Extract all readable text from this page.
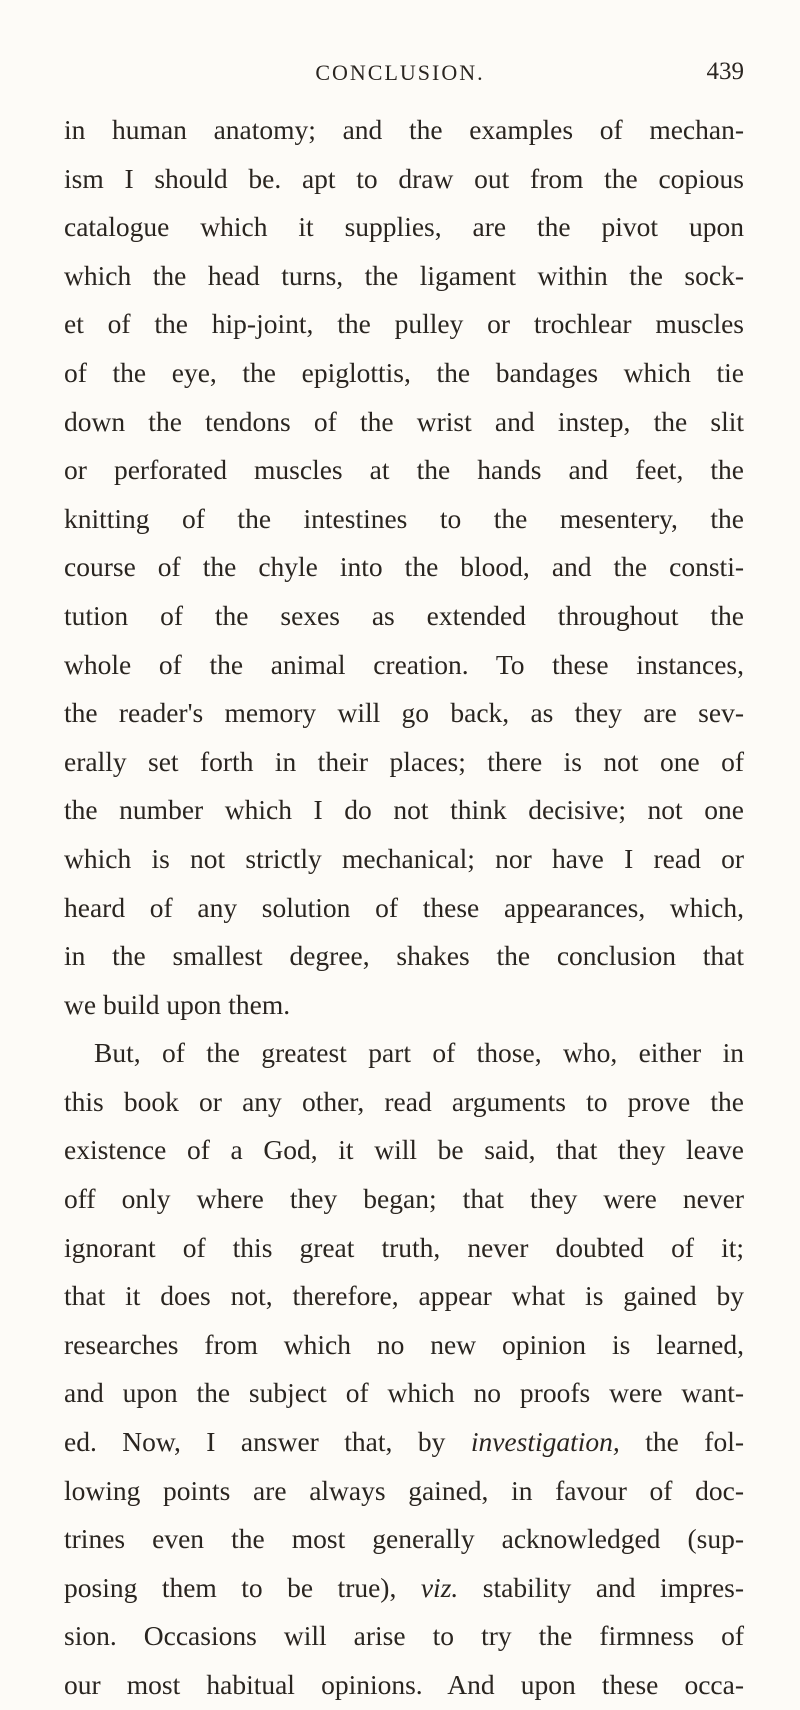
CONCLUSION.	439
in human anatomy; and the examples of mechan-
ism I should be. apt to draw out from the copious
catalogue which it supplies, are the pivot upon
which the head turns, the ligament within the sock-
et of the hip-joint, the pulley or trochlear muscles
of the eye, the epiglottis, the bandages which tie
down the tendons of the wrist and instep, the slit
or perforated muscles at the hands and feet, the
knitting of the intestines to the mesentery, the
course of the chyle into the blood, and the consti-
tution of the sexes as extended throughout the
whole of the animal creation. To these instances,
the reader's memory will go back, as they are sev-
erally set forth in their places; there is not one of
the number which I do not think decisive; not one
which is not strictly mechanical; nor have I read or
heard of any solution of these appearances, which,
in the smallest degree, shakes the conclusion that
we build upon them.
But, of the greatest part of those, who, either in
this book or any other, read arguments to prove the
existence of a God, it will be said, that they leave
off only where they began; that they were never
ignorant of this great truth, never doubted of it;
that it does not, therefore, appear what is gained by
researches from which no new opinion is learned,
and upon the subject of which no proofs were want-
ed. Now, I answer that, by investigation, the fol-
lowing points are always gained, in favour of doc-
trines even the most generally acknowledged (sup-
posing them to be true), viz. stability and impres-
sion. Occasions will arise to try the firmness of
our most habitual opinions. And upon these occa-
